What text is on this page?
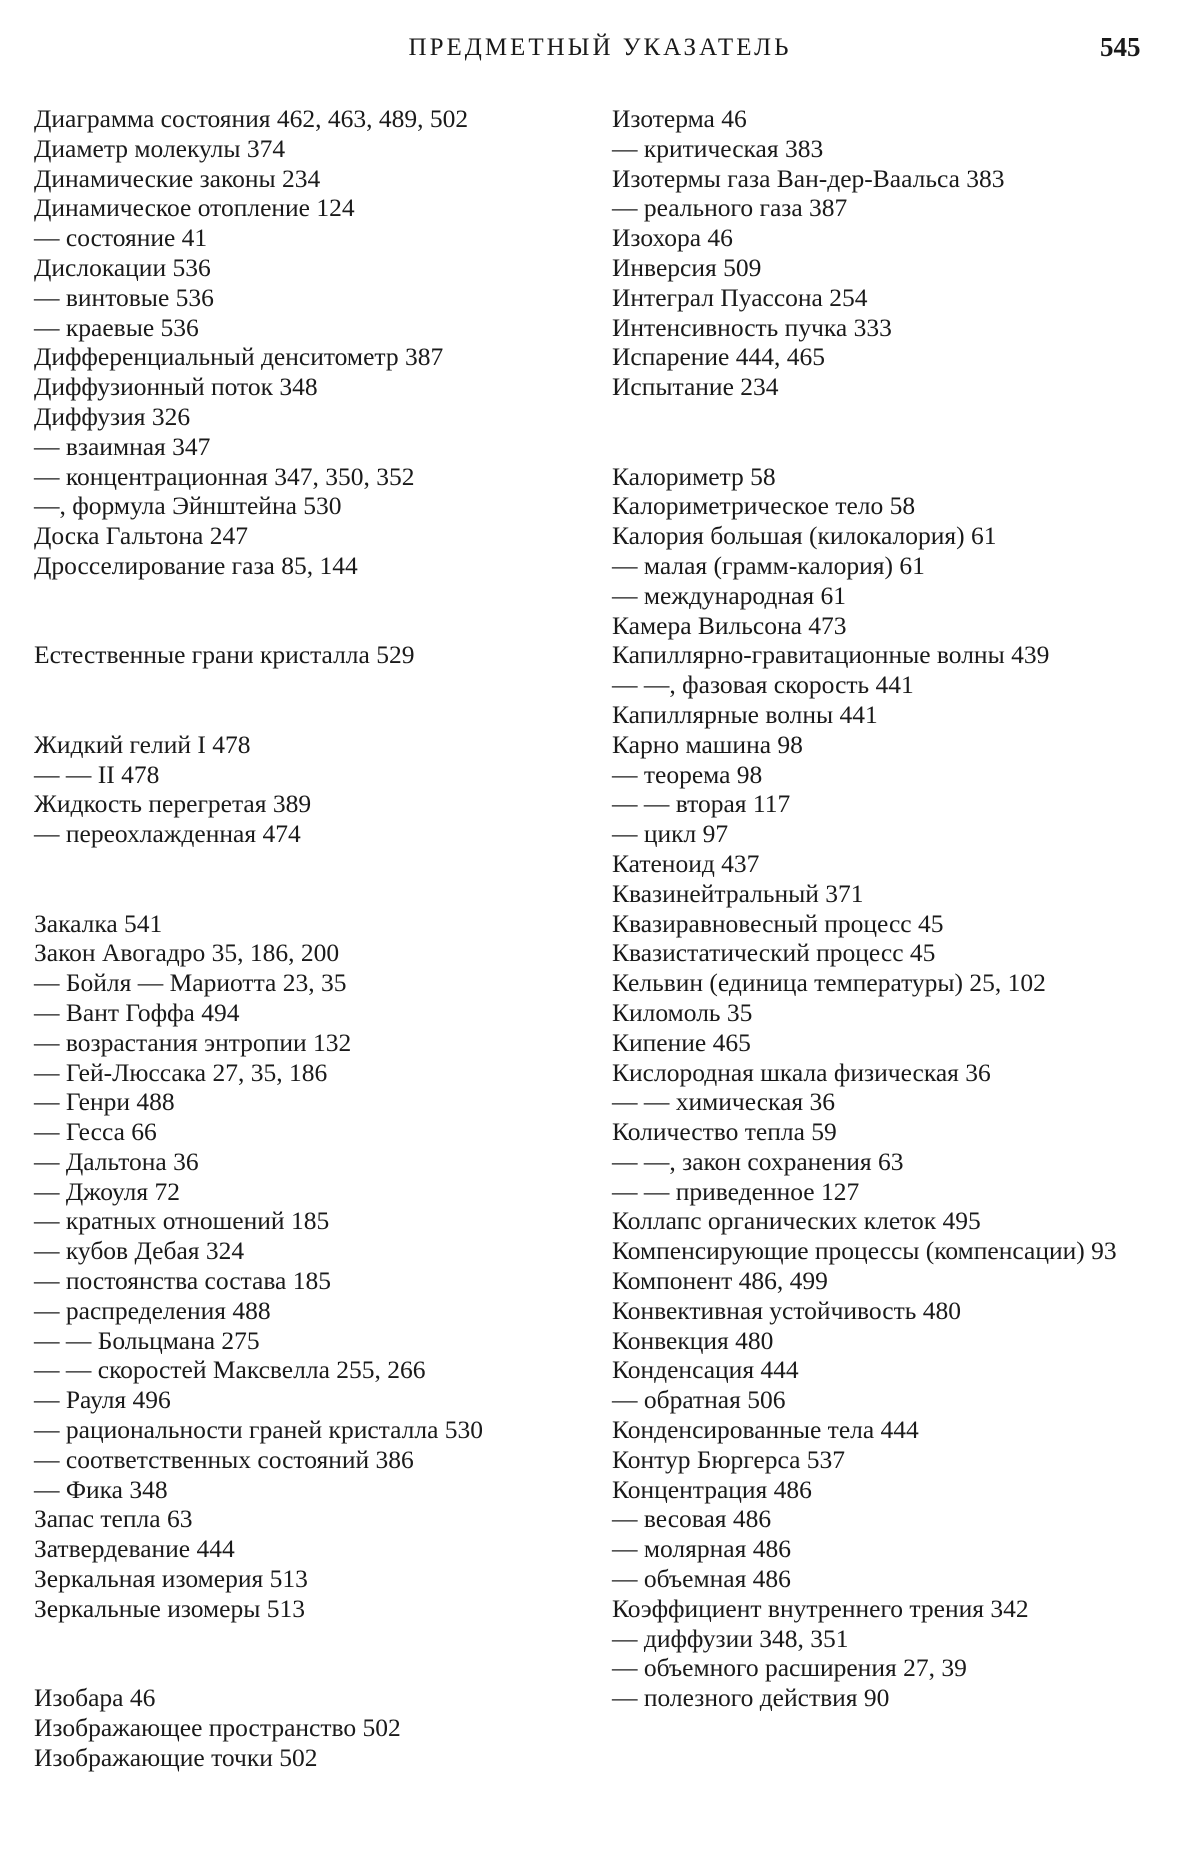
ПРЕДМЕТНЫЙ УКАЗАТЕЛЬ	545
Диаграмма состояния 462, 463, 489, 502
Диаметр молекулы 374
Динамические законы 234
Динамическое отопление 124
— состояние 41
Дислокации 536
— винтовые 536
— краевые 536
Дифференциальный денситометр 387
Диффузионный поток 348
Диффузия 326
— взаимная 347
— концентрационная 347, 350, 352
—, формула Эйнштейна 530
Доска Гальтона 247
Дросселирование газа 85, 144
Естественные грани кристалла 529
Жидкий гелий I 478
— — II 478
Жидкость перегретая 389
— переохлажденная 474
Закалка 541
Закон Авогадро 35, 186, 200
— Бойля — Мариотта 23, 35
— Вант Гоффа 494
— возрастания энтропии 132
— Гей-Люссака 27, 35, 186
— Генри 488
— Гесса 66
— Дальтона 36
— Джоуля 72
— кратных отношений 185
— кубов Дебая 324
— постоянства состава 185
— распределения 488
— — Больцмана 275
— — скоростей Максвелла 255, 266
— Рауля 496
— рациональности граней кристалла 530
— соответственных состояний 386
— Фика 348
Запас тепла 63
Затвердевание 444
Зеркальная изомерия 513
Зеркальные изомеры 513
Изобара 46
Изображающее пространство 502
Изображающие точки 502
Изотерма 46
— критическая 383
Изотермы газа Ван-дер-Ваальса 383
— реального газа 387
Изохора 46
Инверсия 509
Интеграл Пуассона 254
Интенсивность пучка 333
Испарение 444, 465
Испытание 234
Калориметр 58
Калориметрическое тело 58
Калория большая (килокалория) 61
— малая (грамм-калория) 61
— международная 61
Камера Вильсона 473
Капиллярно-гравитационные волны 439
— —, фазовая скорость 441
Капиллярные волны 441
Карно машина 98
— теорема 98
— — вторая 117
— цикл 97
Катеноид 437
Квазинейтральный 371
Квазиравновесный процесс 45
Квазистатический процесс 45
Кельвин (единица температуры) 25, 102
Киломоль 35
Кипение 465
Кислородная шкала физическая 36
— — химическая 36
Количество тепла 59
— —, закон сохранения 63
— — приведенное 127
Коллапс органических клеток 495
Компенсирующие процессы (компенсации) 93
Компонент 486, 499
Конвективная устойчивость 480
Конвекция 480
Конденсация 444
— обратная 506
Конденсированные тела 444
Контур Бюргерса 537
Концентрация 486
— весовая 486
— молярная 486
— объемная 486
Коэффициент внутреннего трения 342
— диффузии 348, 351
— объемного расширения 27, 39
— полезного действия 90
